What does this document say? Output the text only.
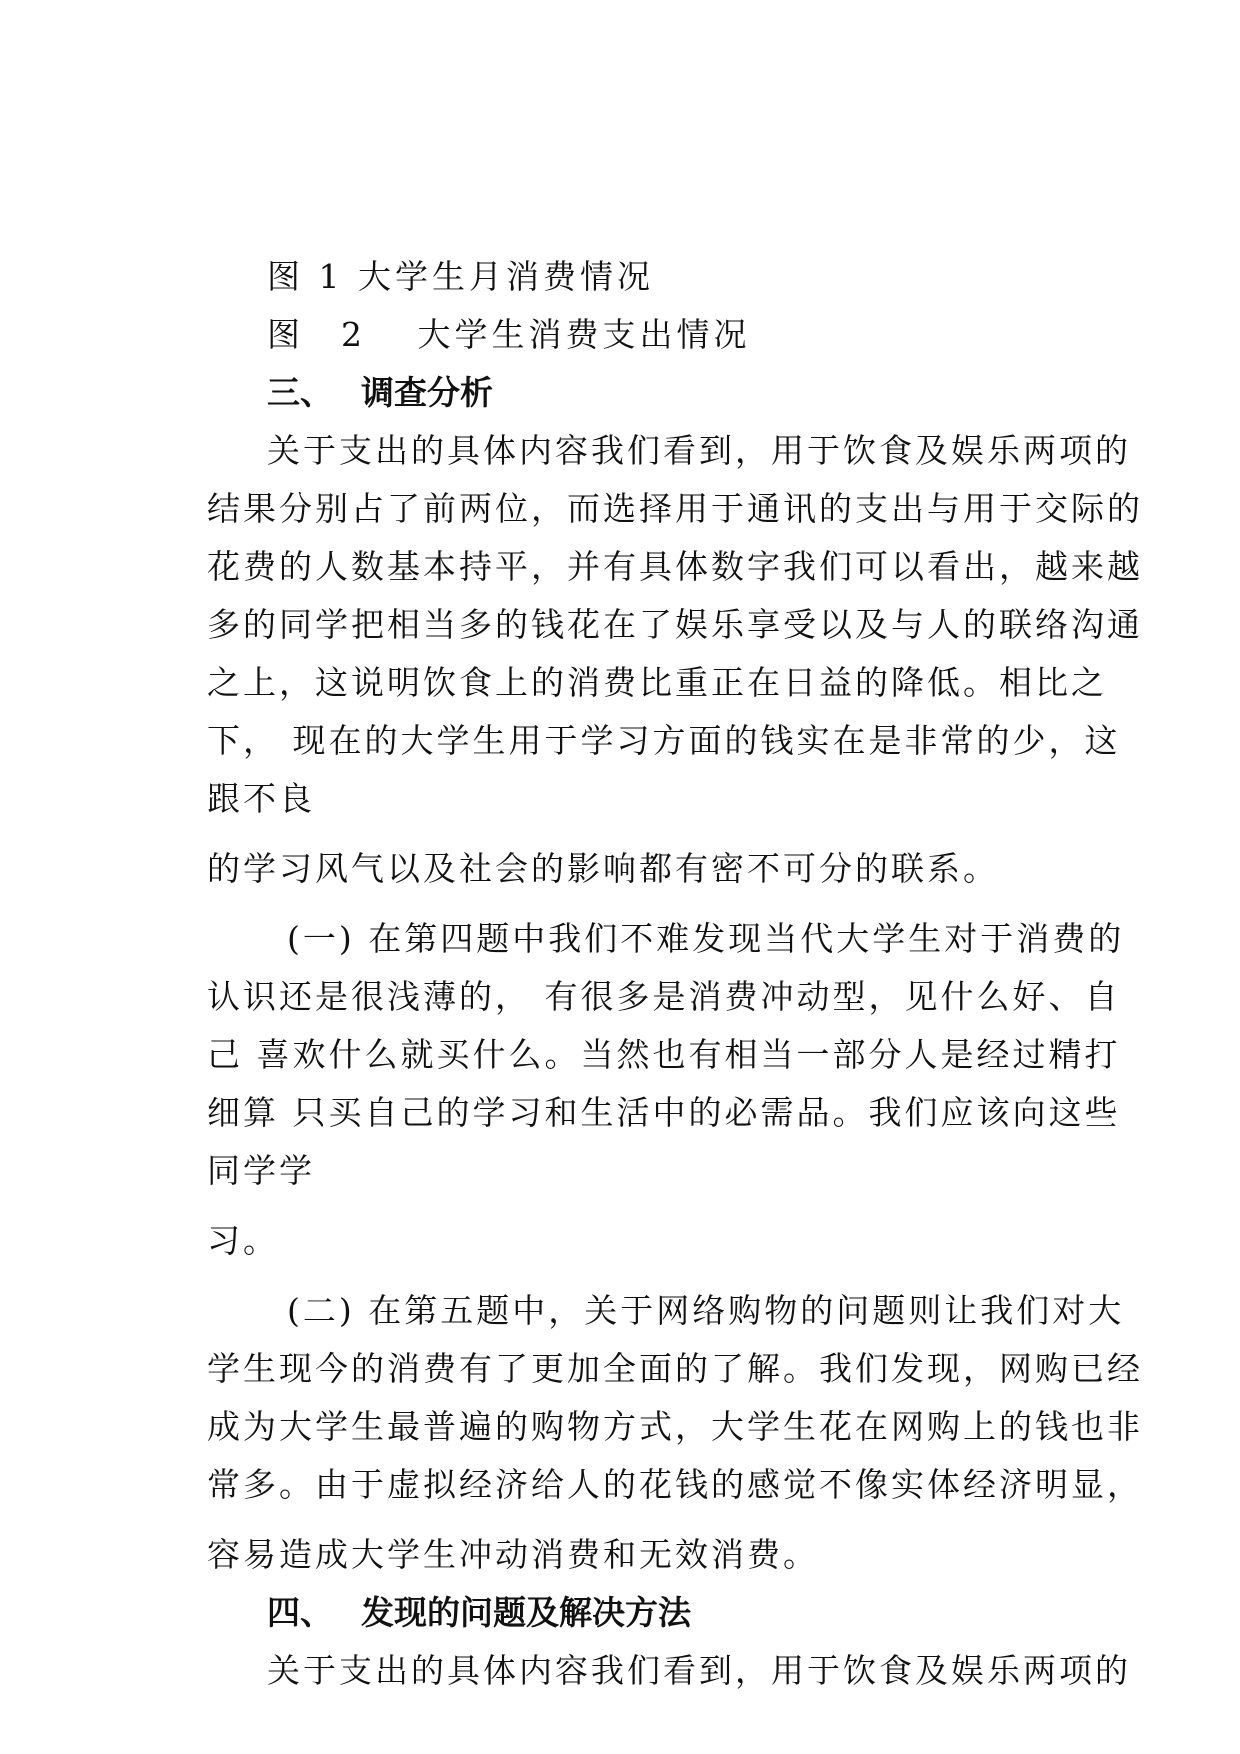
图 1 大学生月消费情况
图　2　 大学生消费支出情况
三、 调查分析
关于支出的具体内容我们看到，用于饮食及娱乐两项的
结果分别占了前两位，而选择用于通讯的支出与用于交际的
花费的人数基本持平，并有具体数字我们可以看出，越来越
多的同学把相当多的钱花在了娱乐享受以及与人的联络沟通
之上，这说明饮食上的消费比重正在日益的降低。相比之
下， 现在的大学生用于学习方面的钱实在是非常的少，这
跟不良
的学习风气以及社会的影响都有密不可分的联系。
(一) 在第四题中我们不难发现当代大学生对于消费的
认识还是很浅薄的， 有很多是消费冲动型，见什么好、自
己 喜欢什么就买什么。当然也有相当一部分人是经过精打
细算 只买自己的学习和生活中的必需品。我们应该向这些
同学学
习。
(二) 在第五题中，关于网络购物的问题则让我们对大
学生现今的消费有了更加全面的了解。我们发现，网购已经
成为大学生最普遍的购物方式，大学生花在网购上的钱也非
常多。由于虚拟经济给人的花钱的感觉不像实体经济明显，
容易造成大学生冲动消费和无效消费。
四、 发现的问题及解决方法
关于支出的具体内容我们看到，用于饮食及娱乐两项的
